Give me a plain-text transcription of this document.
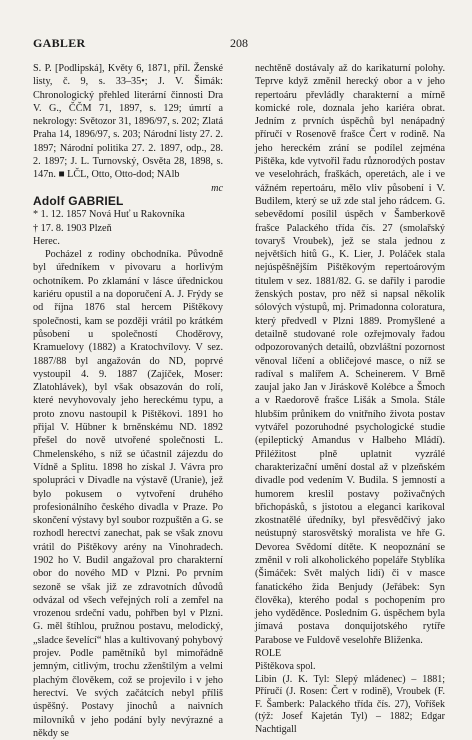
GABLER	208

S. P. [Podlipská], Květy 6, 1871, příl. Ženské listy, č. 9, s. 33–35•; J. V. Šimák: Chronologický přehled literární činnosti Drа V. G., ČČM 71, 1897, s. 129; úmrtí a nekrology: Světozor 31, 1896/97, s. 202; Zlatá Praha 14, 1896/97, s. 203; Národní listy 27. 2. 1897; Národní politika 27. 2. 1897, odp., 28. 2. 1897; J. L. Turnovský, Osvěta 28, 1898, s. 147n. ■ LČL, Otto, Otto-dod; NAlb

mc

Adolf GABRIEL

* 1. 12. 1857 Nová Huť u Rakovníka

† 17. 8. 1903 Plzeň

Herec.

Pocházel z rodiny obchodníka. Původně byl úředníkem v pivovaru a horlivým ochotníkem. Po zklamání v lásce úřednickou kariéru opustil a na doporučení A. J. Frýdy se od října 1876 stal hercem Pištěkovy společnosti, kam se později vrátil po krátkém působení u společností Choděrovy, Kramuelovy (1882) a Kratochvílovy. V sez. 1887/88 byl angažován do ND, poprvé vystoupil 4. 9. 1887 (Zajíček, Moser: Zlatohlávek), byl však obsazován do rolí, které nevyhovovaly jeho hereckému typu, a proto znovu nastoupil k Pištěkovi. 1891 ho přijal V. Hübner k brněnskému ND. 1892 přešel do nově utvořené společnosti L. Chmelenského, s níž se účastnil zájezdu do Vídně a Splitu. 1898 ho získal J. Vávra pro spolupráci v Divadle na výstavě (Uranie), jež bylo pokusem o vytvoření druhého profesionálního českého divadla v Praze. Po skončení výstavy byl soubor rozpuštěn a G. se rozhodl herectví zanechat, pak se však znovu vrátil do Pištěkovy arény na Vinohradech. 1902 ho V. Budil angažoval pro charakterní obor do nového MD v Plzni. Po prvním sezoně se však již ze zdravotních důvodů odvázal od všech veřejných rolí a zemřel na vrozenou srdeční vadu, pohřben byl v Plzni. G. měl štíhlou, pružnou postavu, melodický, „sladce ševelící“ hlas a kultivovaný pohybový projev. Podle pamětníků byl mimořádně jemným, citlivým, trochu zženštilým a velmi plachým člověkem, což se projevilo i v jeho herectví. Ve svých začátcích nebyl příliš úspěšný. Postavy jinochů a naivních milovníků v jeho podání byly nevýrazné a někdy se

nechtěně dostávaly až do karikaturní polohy. Teprve když změnil herecký obor a v jeho repertoáru převládly charakterní a mírně komické role, doznala jeho kariéra obrat. Jedním z prvních úspěchů byl nenápadný příručí v Rosenově frašce Čert v rodině. Na jeho hereckém zrání se podílel zejména Pištěka, kde vytvořil řadu různorodých postav ve veselohrách, fraškách, operetách, ale i ve vážném repertoáru, mělo vliv působení i V. Budilem, který se už zde stal jeho rádcem. G. sebevědomí posílil úspěch v Šamberkově frašce Palackého třída čís. 27 (smolařský tovaryš Vroubek), jež se stala jednou z největších hitů G., K. Lier, J. Poláček stala nejúspěšnějším Pištěkovým repertoárovým titulem v sez. 1881/82. G. se dařily i parodie ženských postav, pro něž si napsal několik sólových výstupů, mj. Primadonna coloratura, který předvedl v Plzni 1889. Promyšlené a detailně studované role ozřejmovaly řadou odpozorovaných detailů, obzvláštní pozornost věnoval líčení a obličejové masce, o níž se radíval s malířem A. Scheinerem. V Brně zaujal jako Jan v Jiráskově Kolébce a Šmoch a v Raedorově frašce Lišák a Smola. Stále hlubším průnikem do vnitřního života postav vytvářel pozoruhodné psychologické studie (epileptický Amandus v Halbeho Mládí). Přiléžitost plně uplatnit vyzrálé charakterizační umění dostal až v plzeňském divadle pod vedením V. Budila. S jemností a humorem kreslil postavy poživačných břichopásků, s jistotou a eleganci karikoval zkostnatělé úředníky, byl přesvědčivý jako neústupný starosvětský moralista ve hře G. Devorea Svědomí dítěte. K neopoznání se změnil v roli alkoholického popeláře Styblíka (Šimáček: Svět malých lidí) či v masce fanatického žida Benjudy (Jeřábek: Syn člověka), kterého podal s pochopením pro jeho vyděděnce. Posledním G. úspěchem byla jímavá postava donquijotského rytíře Parabose ve Fuldově veselohře Bliženka.

ROLE

Pištěkova spol.

Libin (J. K. Tyl: Slepý mládenec) – 1881; Příručí (J. Rosen: Čert v rodině), Vroubek (F. F. Šamberk: Palackého třída čís. 27), Voříšek (týž: Josef Kajetán Tyl) – 1882; Edgar Nachtigall
